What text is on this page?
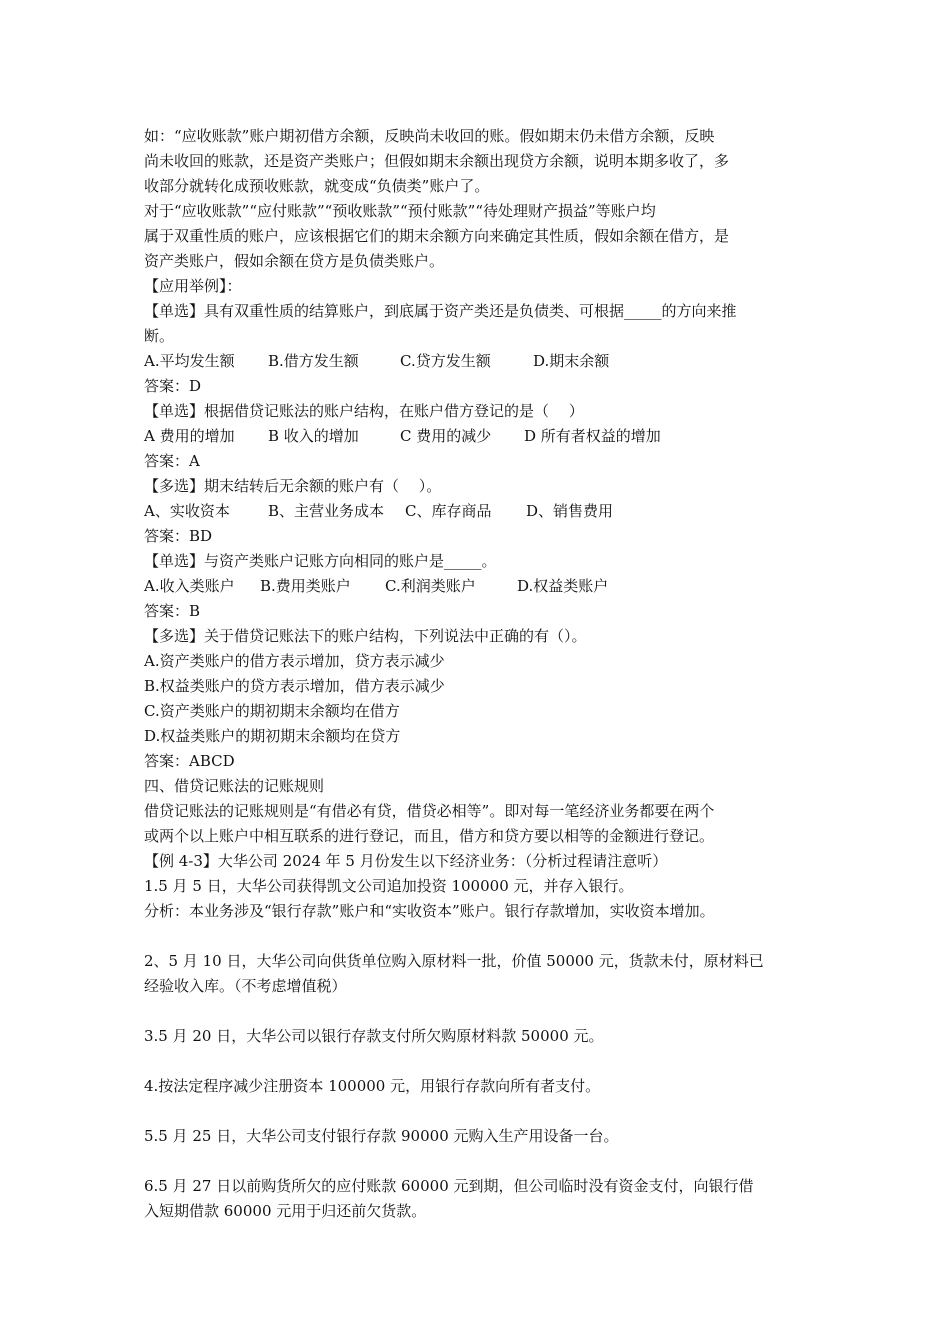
如：“应收账款”账户期初借方余额，反映尚未收回的账。假如期末仍未借方余额，反映
尚未收回的账款，还是资产类账户；但假如期末余额出现贷方余额，说明本期多收了，多
收部分就转化成预收账款，就变成“负债类”账户了。
对于“应收账款”“应付账款”“预收账款”“预付账款”“待处理财产损益”等账户均
属于双重性质的账户，应该根据它们的期末余额方向来确定其性质，假如余额在借方，是
资产类账户，假如余额在贷方是负债类账户。
【应用举例】：
【单选】具有双重性质的结算账户，到底属于资产类还是负债类、可根据_____的方向来推
断。
A.平均发生额 B.借方发生额	C.贷方发生额	D.期末余额
答案：D
【单选】根据借贷记账法的账户结构，在账户借方登记的是（　 ）
A 费用的增加 B 收入的增加	C 费用的减少 D 所有者权益的增加
答案：A
【多选】期末结转后无余额的账户有（　 ）。
A、实收资本	B、主营业务成本 C、库存商品 D、销售费用
答案：BD
【单选】与资产类账户记账方向相同的账户是_____。
A.收入类账户 B.费用类账户 C.利润类账户	D.权益类账户
答案：B
【多选】关于借贷记账法下的账户结构，下列说法中正确的有（）。
A.资产类账户的借方表示增加，贷方表示减少
B.权益类账户的贷方表示增加，借方表示减少
C.资产类账户的期初期末余额均在借方
D.权益类账户的期初期末余额均在贷方
答案：ABCD
四、借贷记账法的记账规则
借贷记账法的记账规则是“有借必有贷，借贷必相等”。即对每一笔经济业务都要在两个
或两个以上账户中相互联系的进行登记，而且，借方和贷方要以相等的金额进行登记。
【例 4-3】大华公司 2024 年 5 月份发生以下经济业务：（分析过程请注意听）
1.5 月 5 日，大华公司获得凯文公司追加投资 100000 元，并存入银行。
分析：本业务涉及“银行存款”账户和“实收资本”账户。银行存款增加，实收资本增加。
2、5 月 10 日，大华公司向供货单位购入原材料一批，价值 50000 元，货款未付，原材料已
经验收入库。（不考虑增值税）
3.5 月 20 日，大华公司以银行存款支付所欠购原材料款 50000 元。
4.按法定程序减少注册资本 100000 元，用银行存款向所有者支付。
5.5 月 25 日，大华公司支付银行存款 90000 元购入生产用设备一台。
6.5 月 27 日以前购货所欠的应付账款 60000 元到期，但公司临时没有资金支付，向银行借
入短期借款 60000 元用于归还前欠货款。
